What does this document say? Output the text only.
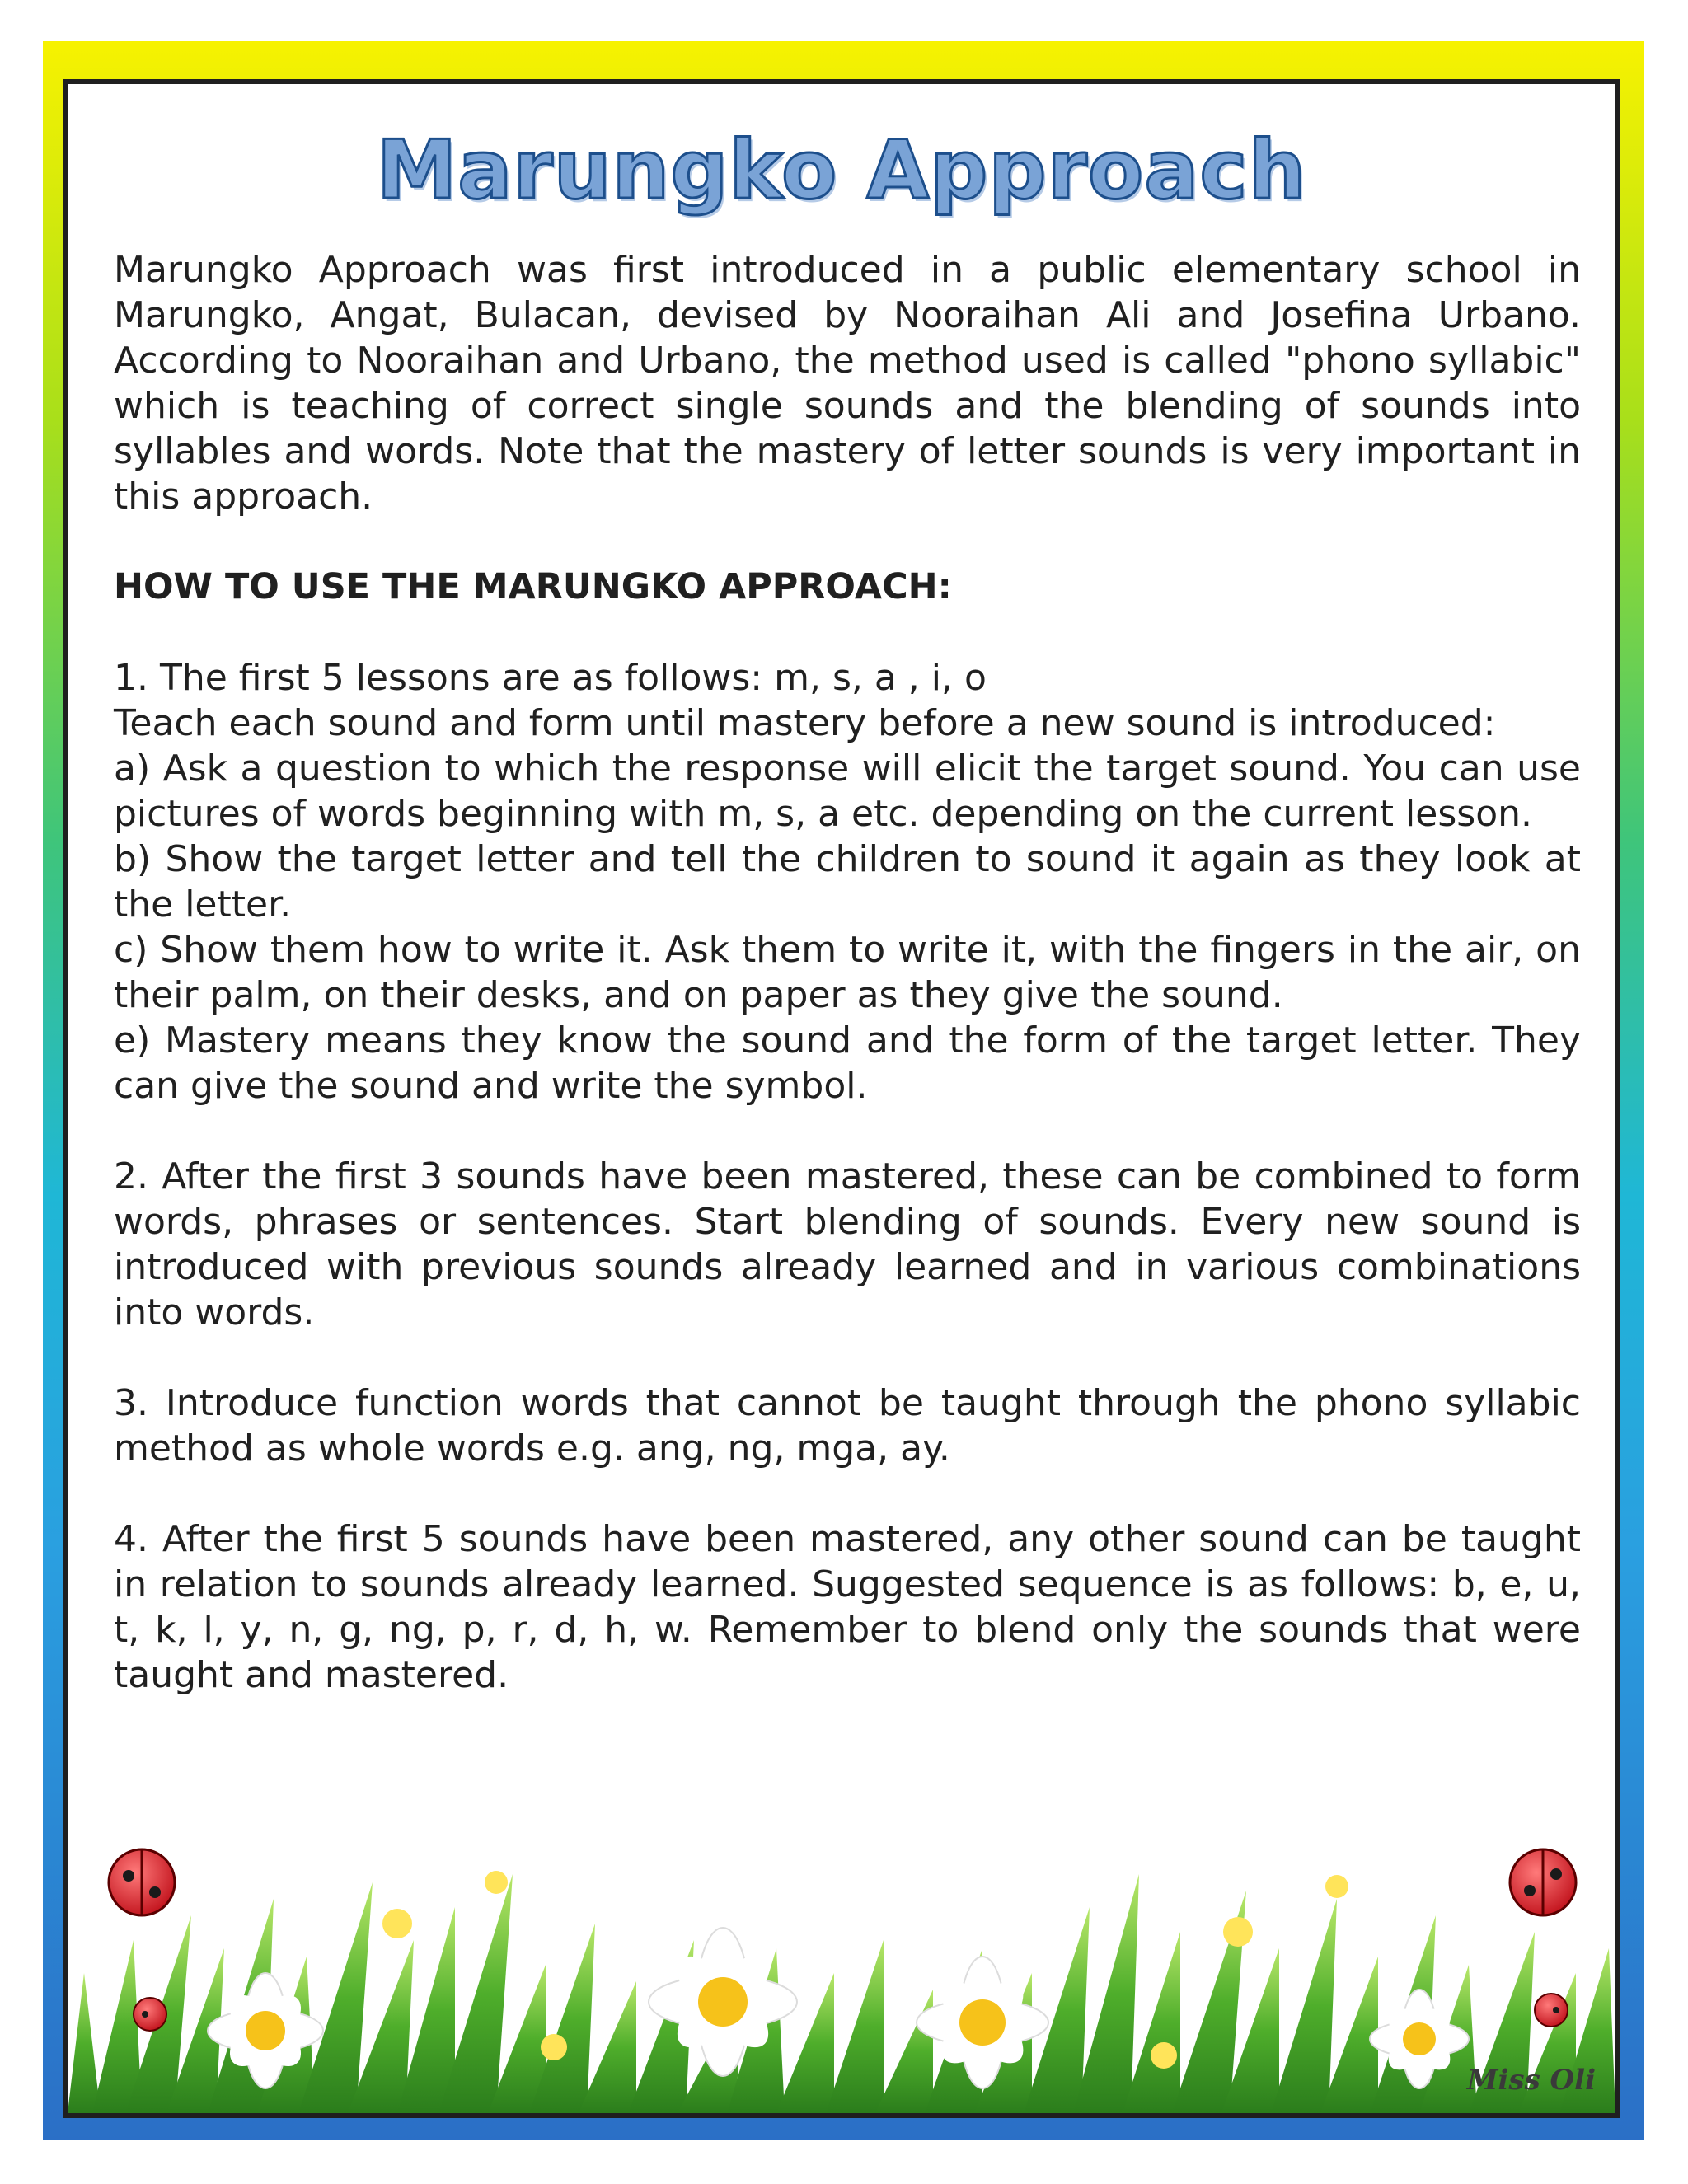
Marungko Approach

Marungko Approach was first introduced in a public elementary school in Marungko, Angat, Bulacan, devised by Nooraihan Ali and Josefina Urbano. According to Nooraihan and Urbano, the method used is called "phono syllabic" which is teaching of correct single sounds and the blending of sounds into syllables and words. Note that the mastery of letter sounds is very important in this approach.

HOW TO USE THE MARUNGKO APPROACH:

1. The first 5 lessons are as follows: m, s, a , i, o

Teach each sound and form until mastery before a new sound is introduced:

a) Ask a question to which the response will elicit the target sound. You can use pictures of words beginning with m, s, a etc. depending on the current lesson.

b) Show the target letter and tell the children to sound it again as they look at the letter.

c) Show them how to write it. Ask them to write it, with the fingers in the air, on their palm, on their desks, and on paper as they give the sound.

e) Mastery means they know the sound and the form of the target letter. They can give the sound and write the symbol.

2. After the first 3 sounds have been mastered, these can be combined to form words, phrases or sentences. Start blending of sounds. Every new sound is introduced with previous sounds already learned and in various combinations into words.

3. Introduce function words that cannot be taught through the phono syllabic method as whole words e.g. ang, ng, mga, ay.

4. After the first 5 sounds have been mastered, any other sound can be taught in relation to sounds already learned. Suggested sequence is as follows: b, e, u, t, k, l, y, n, g, ng, p, r, d, h, w. Remember to blend only the sounds that were taught and mastered.

Miss Oli
